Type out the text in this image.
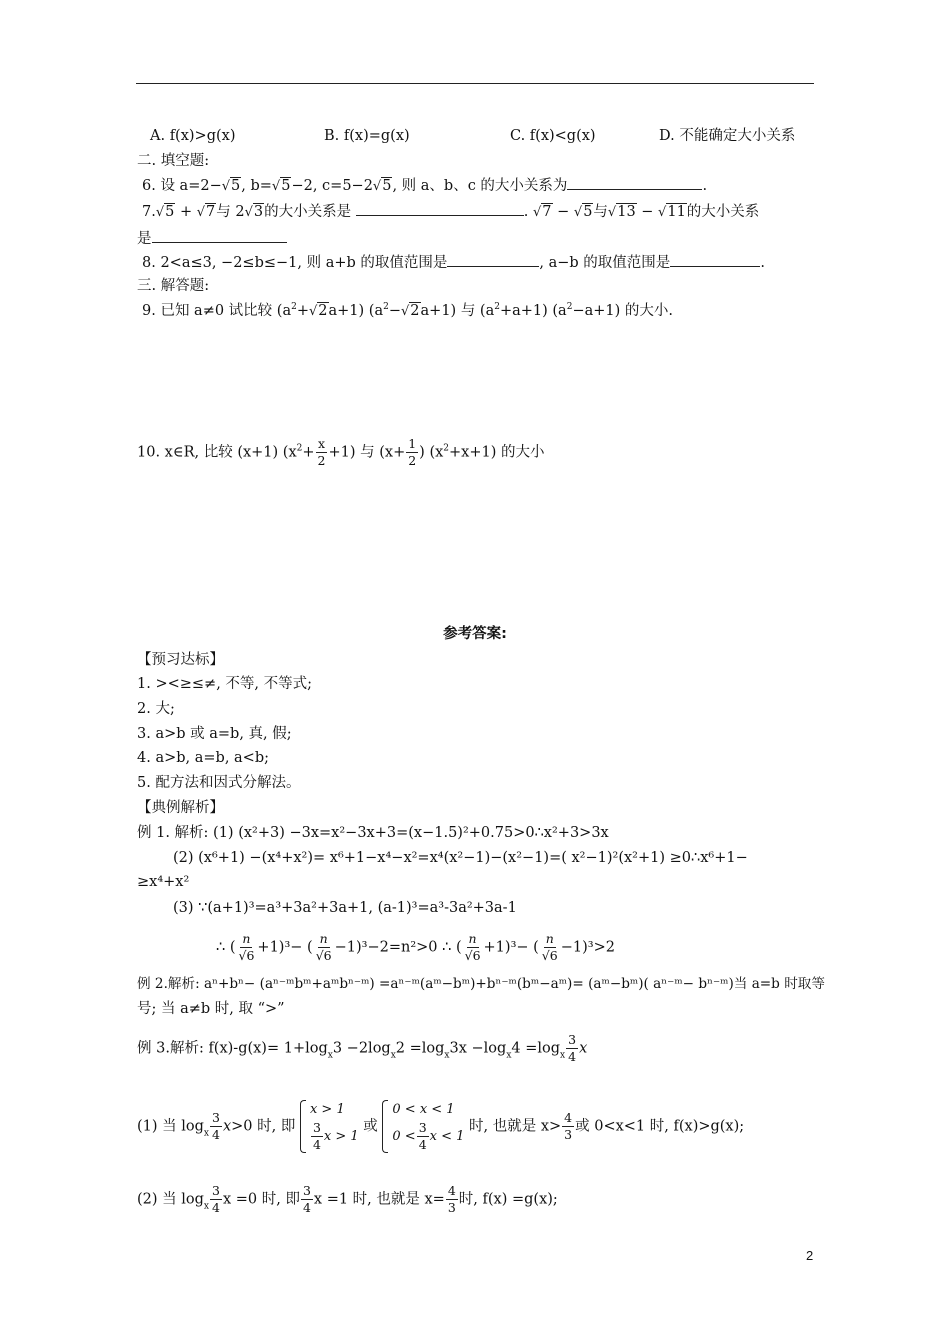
A. f(x)>g(x)	B. f(x)=g(x)	C. f(x)<g(x)	D. 不能确定大小关系
二. 填空题:
6. 设 a=2−√5, b=√5−2, c=5−2√5, 则 a、b、c 的大小关系为	.
7.√5 + √7与 2√3的大小关系是	. √7 − √5与√13 − √11的大小关系
是
8. 2<a≤3, −2≤b≤−1, 则 a+b 的取值范围是	, a−b 的取值范围是	.
三. 解答题:
9. 已知 a≠0 试比较 $(a^2+√2a+1)$ $(a^2-√2a+1)$ 与 $(a^2+a+1)$ $(a^2-a+1)$ 的大小.
10. x∈R, 比较 (x+1) $(x^2+ \frac{x}{2} +1)$ 与 ($x+ \frac{1}{2}$ ) $(x^2+x+1)$ 的大小
参考答案:
【预习达标】
1. ><≥≤≠, 不等, 不等式;
2. 大;
3. a>b 或 a=b, 真, 假;
4. a>b, a=b, a<b;
5. 配方法和因式分解法。
【典例解析】
例 1. 解析: (1) (x²+3) −3x=x²−3x+3=(x−1.5)²+0.75>0∴x²+3>3x
(2) (x⁶+1) −(x⁴+x²)= x⁶+1−x⁴−x²=x⁴(x²−1)−(x²−1)=( x²−1)²(x²+1) ≥0∴x⁶+1−
≥x⁴+x²
(3) ∵(a+1)³=a³+3a²+3a+1, (a-1)³=a³-3a²+3a-1
∴ ( $\frac{n}{√6} +1)^3-$ ( $\frac{n}{√6} -1)^3-2=n^2>0$ ∴ ( $\frac{n}{√6} +1)^3-$ ( $\frac{n}{√6} -1)^3>2$
例 2.解析: aⁿ+bⁿ− (aⁿ⁻ᵐbᵐ+aᵐbⁿ⁻ᵐ) =aⁿ⁻ᵐ(aᵐ−bᵐ)+bⁿ⁻ᵐ(bᵐ−aᵐ)= (aᵐ−bᵐ)( aⁿ⁻ᵐ− bⁿ⁻ᵐ)当 a=b 时取等
号; 当 a≠b 时, 取 “>”
例 3.解析: $f(x)-g(x)= 1+\log_x3 -2\log_x2 =\log_x3x -\log_x4 =\log_x \frac{3}{4}$ x
(1) 当 $\log_x \frac{3}{4} x>0$ 时, 即
x > 1
$\frac{3}{4}$ x > 1
或
0 < x < 1
$0 < \frac{3}{4}$ x < 1
时, 也就是 $x> \frac{4}{3}$ 或 0<x<1 时, f(x)>g(x);
(2) 当 $\log_x \frac{3}{4}$ x =0 时, 即 $\frac{3}{4}$ x =1 时, 也就是 $x= \frac{4}{3}$ 时, f(x) =g(x);
2
